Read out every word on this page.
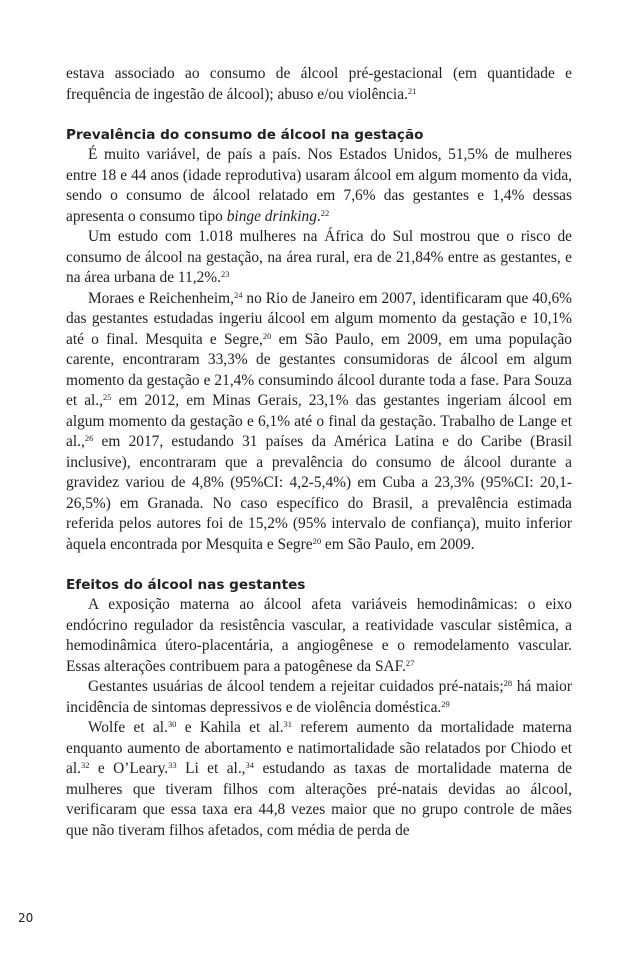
estava associado ao consumo de álcool pré-gestacional (em quantidade e frequência de ingestão de álcool); abuso e/ou violência.$^{21}$

Prevalência do consumo de álcool na gestação

É muito variável, de país a país. Nos Estados Unidos, 51,5% de mulheres entre 18 e 44 anos (idade reprodutiva) usaram álcool em algum momento da vida, sendo o consumo de álcool relatado em 7,6% das gestantes e 1,4% dessas apresenta o consumo tipo binge drinking.$^{22}$

Um estudo com 1.018 mulheres na África do Sul mostrou que o risco de consumo de álcool na gestação, na área rural, era de 21,84% entre as gestantes, e na área urbana de 11,2%.$^{23}$

Moraes e Reichenheim,$^{24}$ no Rio de Janeiro em 2007, identificaram que 40,6% das gestantes estudadas ingeriu álcool em algum momento da gestação e 10,1% até o final. Mesquita e Segre,$^{20}$ em São Paulo, em 2009, em uma população carente, encontraram 33,3% de gestantes consumidoras de álcool em algum momento da gestação e 21,4% consumindo álcool durante toda a fase. Para Souza et al.,$^{25}$ em 2012, em Minas Gerais, 23,1% das gestantes ingeriam álcool em algum momento da gestação e 6,1% até o final da gestação. Trabalho de Lange et al.,$^{26}$ em 2017, estudando 31 países da América Latina e do Caribe (Brasil inclusive), encontraram que a prevalência do consumo de álcool durante a gravidez variou de 4,8% (95%CI: 4,2-5,4%) em Cuba a 23,3% (95%CI: 20,1-26,5%) em Granada. No caso específico do Brasil, a prevalência estimada referida pelos autores foi de 15,2% (95% intervalo de confiança), muito inferior àquela encontrada por Mesquita e Segre$^{20}$ em São Paulo, em 2009.

Efeitos do álcool nas gestantes

A exposição materna ao álcool afeta variáveis hemodinâmicas: o eixo endócrino regulador da resistência vascular, a reatividade vascular sistêmica, a hemodinâmica útero-placentária, a angiogênese e o remodelamento vascular. Essas alterações contribuem para a patogênese da SAF.$^{27}$

Gestantes usuárias de álcool tendem a rejeitar cuidados pré-natais;$^{28}$ há maior incidência de sintomas depressivos e de violência doméstica.$^{29}$

Wolfe et al.$^{30}$ e Kahila et al.$^{31}$ referem aumento da mortalidade materna enquanto aumento de abortamento e natimortalidade são relatados por Chiodo et al.$^{32}$ e O’Leary.$^{33}$ Li et al.,$^{34}$ estudando as taxas de mortalidade materna de mulheres que tiveram filhos com alterações pré-natais devidas ao álcool, verificaram que essa taxa era 44,8 vezes maior que no grupo controle de mães que não tiveram filhos afetados, com média de perda de

20
